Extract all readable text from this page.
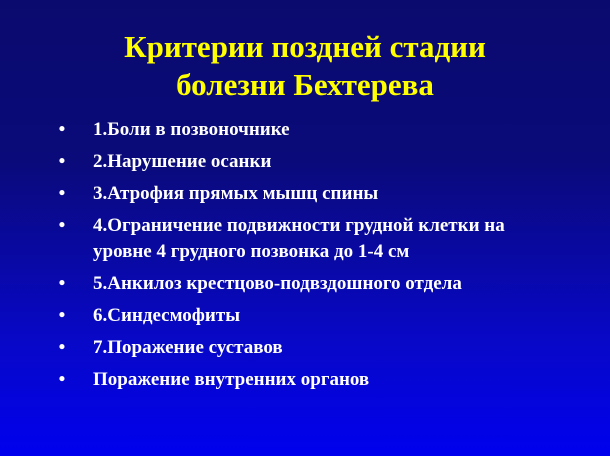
Критерии поздней стадии
болезни Бехтерева
•	1.Боли в позвоночнике
•	2.Нарушение осанки
•	3.Атрофия прямых мышц спины
•	4.Ограничение подвижности грудной клетки на уровне 4 грудного позвонка до 1-4 см
•	5.Анкилоз крестцово-подвздошного отдела
•	6.Синдесмофиты
•	7.Поражение суставов
•	Поражение внутренних органов
